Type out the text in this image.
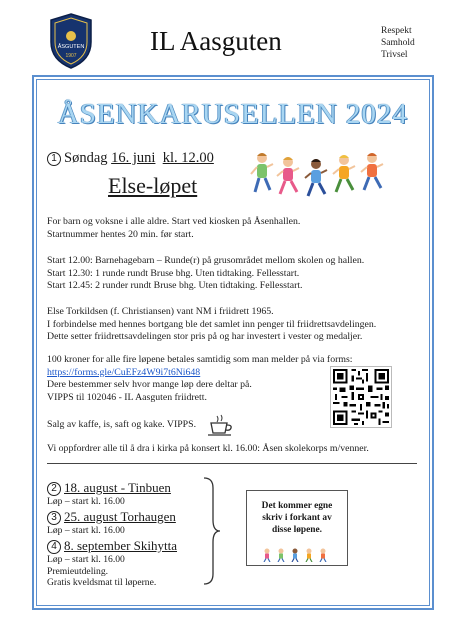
ÅSGUTEN
1907	IL Aasguten	Respekt
Samhold
Trivsel
ÅSENKARUSELLEN 2024
1 Søndag 16. juni kl. 12.00
Else-løpet
For barn og voksne i alle aldre. Start ved kiosken på Åsenhallen.
Startnummer hentes 20 min. før start.
Start 12.00: Barnehagebarn – Runde(r) på grusområdet mellom skolen og hallen.
Start 12.30: 1 runde rundt Bruse bhg. Uten tidtaking. Fellesstart.
Start 12.45: 2 runder rundt Bruse bhg. Uten tidtaking. Fellesstart.
Else Torkildsen (f. Christiansen) vant NM i friidrett 1965.
I forbindelse med hennes bortgang ble det samlet inn penger til friidrettsavdelingen.
Dette setter friidrettsavdelingen stor pris på og har investert i vester og medaljer.
100 kroner for alle fire løpene betales samtidig som man melder på via forms:
https://forms.gle/CuEFz4W9i7t6Ni648
Dere bestemmer selv hvor mange løp dere deltar på.
VIPPS til 102046 - IL Aasguten friidrett.
Salg av kaffe, is, saft og kake. VIPPS.
Vi oppfordrer alle til å dra i kirka på konsert kl. 16.00: Åsen skolekorps m/venner.
2 18. august - Tinbuen
Løp – start kl. 16.00
3 25. august Torhaugen
Løp – start kl. 16.00
4 8. september Skihytta
Løp – start kl. 16.00
Premieutdeling.
Gratis kveldsmat til løperne.
Det kommer egne
skriv i forkant av
disse løpene.
